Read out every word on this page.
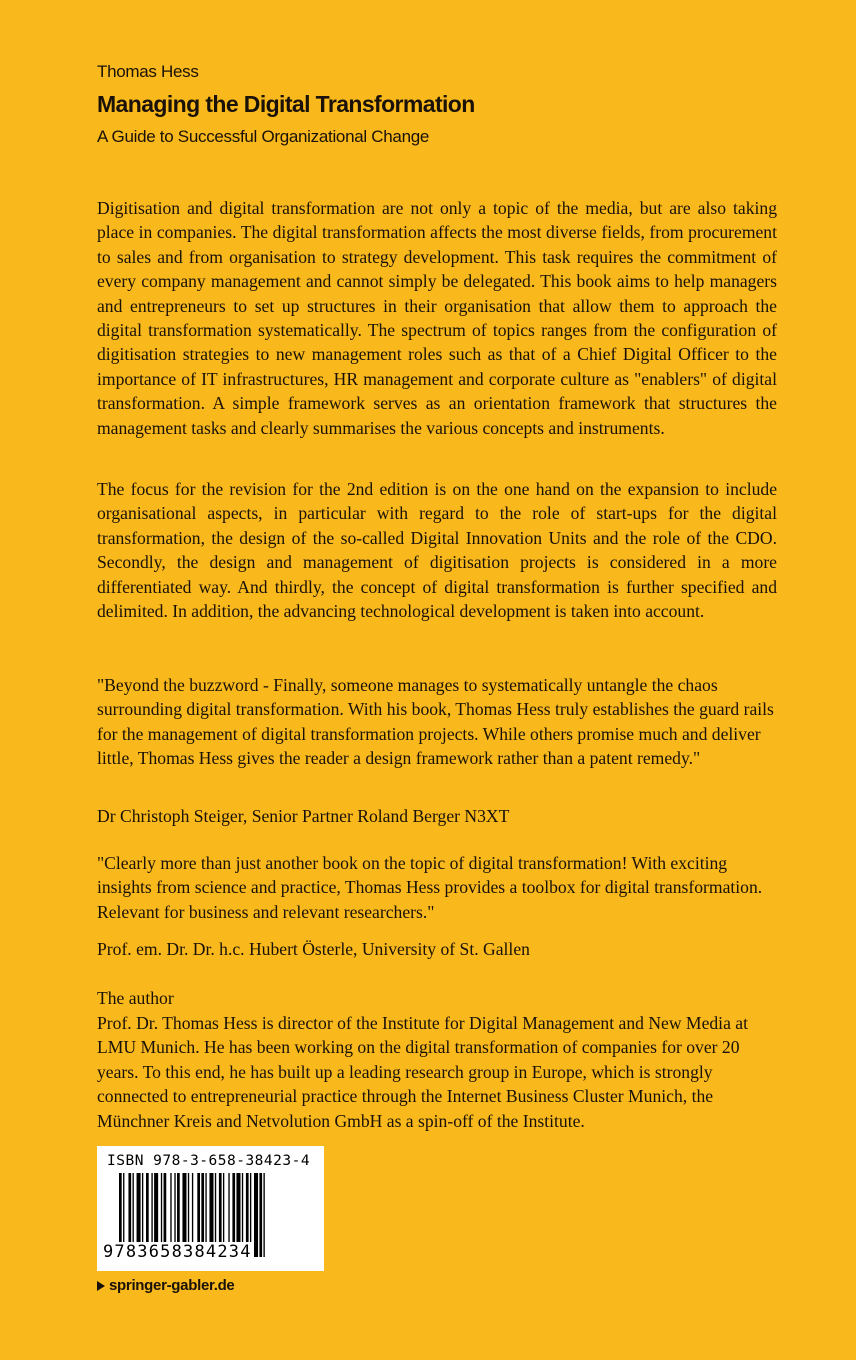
Thomas Hess
Managing the Digital Transformation
A Guide to Successful Organizational Change

Digitisation and digital transformation are not only a topic of the media, but are also taking place in companies. The digital transformation affects the most diverse fields, from procurement to sales and from organisation to strategy development. This task requires the commitment of every company management and cannot simply be delegated. This book aims to help managers and entrepreneurs to set up structures in their organisation that allow them to approach the digital transformation systematically. The spectrum of topics ranges from the configuration of digitisation strategies to new management roles such as that of a Chief Digital Officer to the importance of IT infrastructures, HR management and corporate culture as "enablers" of digital transformation. A simple framework serves as an orientation framework that structures the management tasks and clearly summarises the various concepts and instruments.

The focus for the revision for the 2nd edition is on the one hand on the expansion to include organisational aspects, in particular with regard to the role of start-ups for the digital transformation, the design of the so-called Digital Innovation Units and the role of the CDO. Secondly, the design and management of digitisation projects is considered in a more differentiated way. And thirdly, the concept of digital transformation is further specified and delimited. In addition, the advancing technological development is taken into account.

"Beyond the buzzword - Finally, someone manages to systematically untangle the chaos surrounding digital transformation. With his book, Thomas Hess truly establishes the guard rails for the management of digital transformation projects. While others promise much and deliver little, Thomas Hess gives the reader a design framework rather than a patent remedy."

Dr Christoph Steiger, Senior Partner Roland Berger N3XT

"Clearly more than just another book on the topic of digital transformation! With exciting insights from science and practice, Thomas Hess provides a toolbox for digital transformation. Relevant for business and relevant researchers."

Prof. em. Dr. Dr. h.c. Hubert Österle, University of St. Gallen

The author

Prof. Dr. Thomas Hess is director of the Institute for Digital Management and New Media at LMU Munich. He has been working on the digital transformation of companies for over 20 years. To this end, he has built up a leading research group in Europe, which is strongly connected to entrepreneurial practice through the Internet Business Cluster Munich, the Münchner Kreis and Netvolution GmbH as a spin-off of the Institute.

ISBN 978-3-658-38423-4
9783658384234
springer-gabler.de
